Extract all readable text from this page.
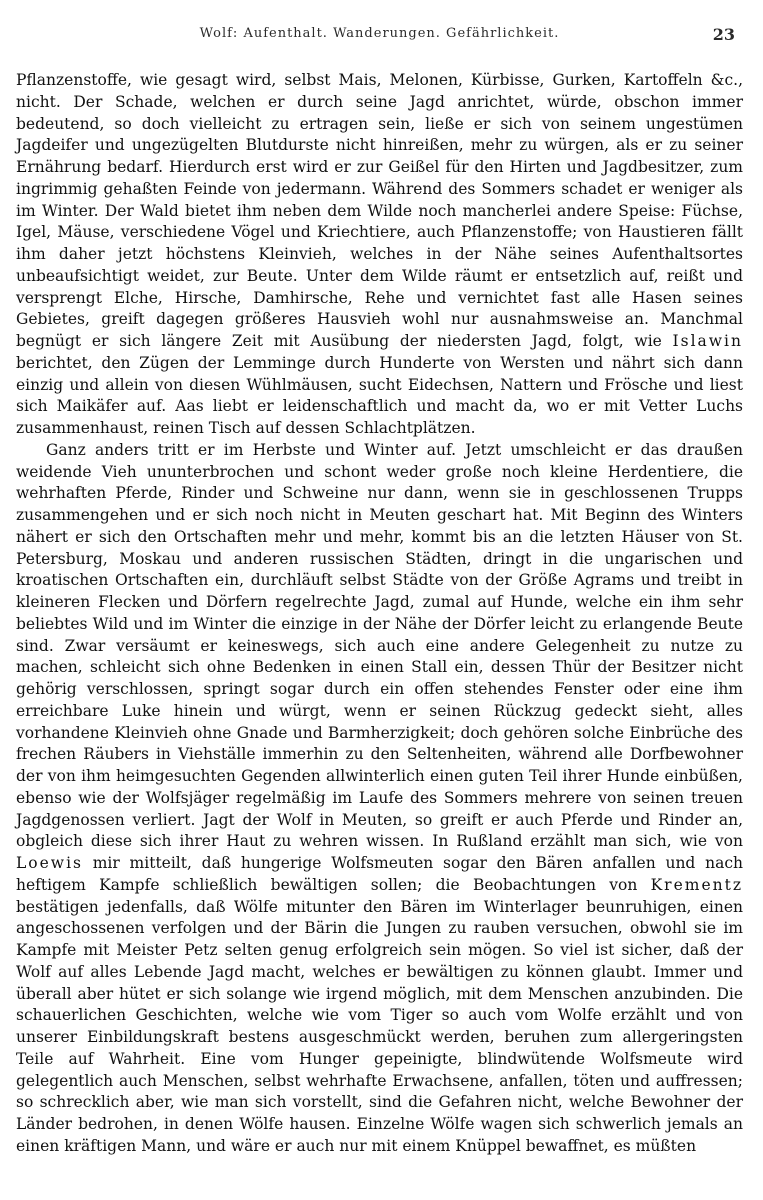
Wolf: Aufenthalt. Wanderungen. Gefährlichkeit.	23

Pflanzenstoffe, wie gesagt wird, selbst Mais, Melonen, Kürbisse, Gurken, Kartoffeln &c., nicht. Der Schade, welchen er durch seine Jagd anrichtet, würde, obschon immer bedeutend, so doch vielleicht zu ertragen sein, ließe er sich von seinem ungestümen Jagdeifer und ungezügelten Blutdurste nicht hinreißen, mehr zu würgen, als er zu seiner Ernährung bedarf. Hierdurch erst wird er zur Geißel für den Hirten und Jagdbesitzer, zum ingrimmig gehaßten Feinde von jedermann. Während des Sommers schadet er weniger als im Winter. Der Wald bietet ihm neben dem Wilde noch mancherlei andere Speise: Füchse, Igel, Mäuse, verschiedene Vögel und Kriechtiere, auch Pflanzenstoffe; von Haustieren fällt ihm daher jetzt höchstens Kleinvieh, welches in der Nähe seines Aufenthaltsortes unbeaufsichtigt weidet, zur Beute. Unter dem Wilde räumt er entsetzlich auf, reißt und versprengt Elche, Hirsche, Damhirsche, Rehe und vernichtet fast alle Hasen seines Gebietes, greift dagegen größeres Hausvieh wohl nur ausnahmsweise an. Manchmal begnügt er sich längere Zeit mit Ausübung der niedersten Jagd, folgt, wie Islawin berichtet, den Zügen der Lemminge durch Hunderte von Wersten und nährt sich dann einzig und allein von diesen Wühlmäusen, sucht Eidechsen, Nattern und Frösche und liest sich Maikäfer auf. Aas liebt er leidenschaftlich und macht da, wo er mit Vetter Luchs zusammenhaust, reinen Tisch auf dessen Schlachtplätzen.

Ganz anders tritt er im Herbste und Winter auf. Jetzt umschleicht er das draußen weidende Vieh ununterbrochen und schont weder große noch kleine Herdentiere, die wehrhaften Pferde, Rinder und Schweine nur dann, wenn sie in geschlossenen Trupps zusammengehen und er sich noch nicht in Meuten geschart hat. Mit Beginn des Winters nähert er sich den Ortschaften mehr und mehr, kommt bis an die letzten Häuser von St. Petersburg, Moskau und anderen russischen Städten, dringt in die ungarischen und kroatischen Ortschaften ein, durchläuft selbst Städte von der Größe Agrams und treibt in kleineren Flecken und Dörfern regelrechte Jagd, zumal auf Hunde, welche ein ihm sehr beliebtes Wild und im Winter die einzige in der Nähe der Dörfer leicht zu erlangende Beute sind. Zwar versäumt er keineswegs, sich auch eine andere Gelegenheit zu nutze zu machen, schleicht sich ohne Bedenken in einen Stall ein, dessen Thür der Besitzer nicht gehörig verschlossen, springt sogar durch ein offen stehendes Fenster oder eine ihm erreichbare Luke hinein und würgt, wenn er seinen Rückzug gedeckt sieht, alles vorhandene Kleinvieh ohne Gnade und Barmherzigkeit; doch gehören solche Einbrüche des frechen Räubers in Viehställe immerhin zu den Seltenheiten, während alle Dorfbewohner der von ihm heimgesuchten Gegenden allwinterlich einen guten Teil ihrer Hunde einbüßen, ebenso wie der Wolfsjäger regelmäßig im Laufe des Sommers mehrere von seinen treuen Jagdgenossen verliert. Jagt der Wolf in Meuten, so greift er auch Pferde und Rinder an, obgleich diese sich ihrer Haut zu wehren wissen. In Rußland erzählt man sich, wie von Loewis mir mitteilt, daß hungerige Wolfsmeuten sogar den Bären anfallen und nach heftigem Kampfe schließlich bewältigen sollen; die Beobachtungen von Krementz bestätigen jedenfalls, daß Wölfe mitunter den Bären im Winterlager beunruhigen, einen angeschossenen verfolgen und der Bärin die Jungen zu rauben versuchen, obwohl sie im Kampfe mit Meister Petz selten genug erfolgreich sein mögen. So viel ist sicher, daß der Wolf auf alles Lebende Jagd macht, welches er bewältigen zu können glaubt. Immer und überall aber hütet er sich solange wie irgend möglich, mit dem Menschen anzubinden. Die schauerlichen Geschichten, welche wie vom Tiger so auch vom Wolfe erzählt und von unserer Einbildungskraft bestens ausgeschmückt werden, beruhen zum allergeringsten Teile auf Wahrheit. Eine vom Hunger gepeinigte, blindwütende Wolfsmeute wird gelegentlich auch Menschen, selbst wehrhafte Erwachsene, anfallen, töten und auffressen; so schrecklich aber, wie man sich vorstellt, sind die Gefahren nicht, welche Bewohner der Länder bedrohen, in denen Wölfe hausen. Einzelne Wölfe wagen sich schwerlich jemals an einen kräftigen Mann, und wäre er auch nur mit einem Knüppel bewaffnet, es müßten
